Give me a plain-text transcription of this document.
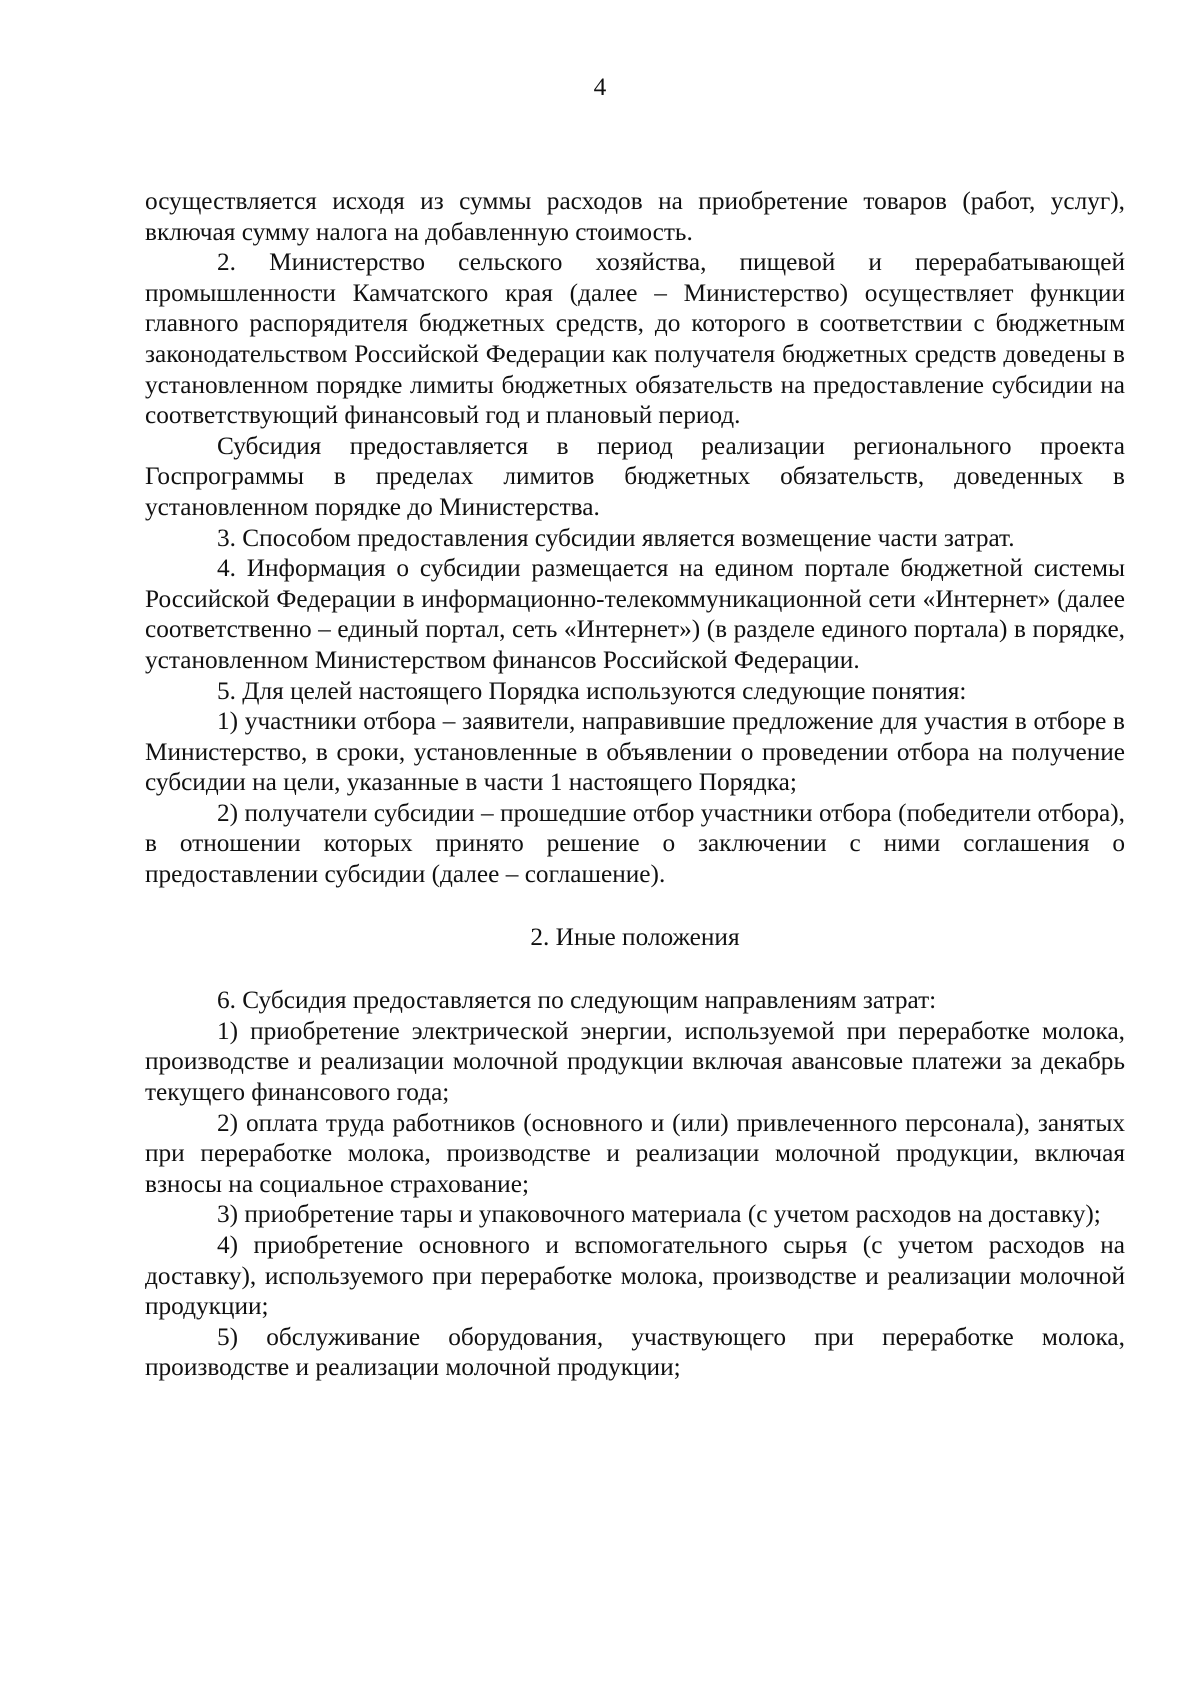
4

осуществляется исходя из суммы расходов на приобретение товаров (работ, услуг), включая сумму налога на добавленную стоимость.

2. Министерство сельского хозяйства, пищевой и перерабатывающей промышленности Камчатского края (далее – Министерство) осуществляет функции главного распорядителя бюджетных средств, до которого в соответствии с бюджетным законодательством Российской Федерации как получателя бюджетных средств доведены в установленном порядке лимиты бюджетных обязательств на предоставление субсидии на соответствующий финансовый год и плановый период.

Субсидия предоставляется в период реализации регионального проекта Госпрограммы в пределах лимитов бюджетных обязательств, доведенных в установленном порядке до Министерства.

3. Способом предоставления субсидии является возмещение части затрат.

4. Информация о субсидии размещается на едином портале бюджетной системы Российской Федерации в информационно-телекоммуникационной сети «Интернет» (далее соответственно – единый портал, сеть «Интернет») (в разделе единого портала) в порядке, установленном Министерством финансов Российской Федерации.

5. Для целей настоящего Порядка используются следующие понятия:

1) участники отбора – заявители, направившие предложение для участия в отборе в Министерство, в сроки, установленные в объявлении о проведении отбора на получение субсидии на цели, указанные в части 1 настоящего Порядка;

2) получатели субсидии – прошедшие отбор участники отбора (победители отбора), в отношении которых принято решение о заключении с ними соглашения о предоставлении субсидии (далее – соглашение).

2. Иные положения

6. Субсидия предоставляется по следующим направлениям затрат:

1) приобретение электрической энергии, используемой при переработке молока, производстве и реализации молочной продукции включая авансовые платежи за декабрь текущего финансового года;

2) оплата труда работников (основного и (или) привлеченного персонала), занятых при переработке молока, производстве и реализации молочной продукции, включая взносы на социальное страхование;

3) приобретение тары и упаковочного материала (с учетом расходов на доставку);

4) приобретение основного и вспомогательного сырья (с учетом расходов на доставку), используемого при переработке молока, производстве и реализации молочной продукции;

5) обслуживание оборудования, участвующего при переработке молока, производстве и реализации молочной продукции;
